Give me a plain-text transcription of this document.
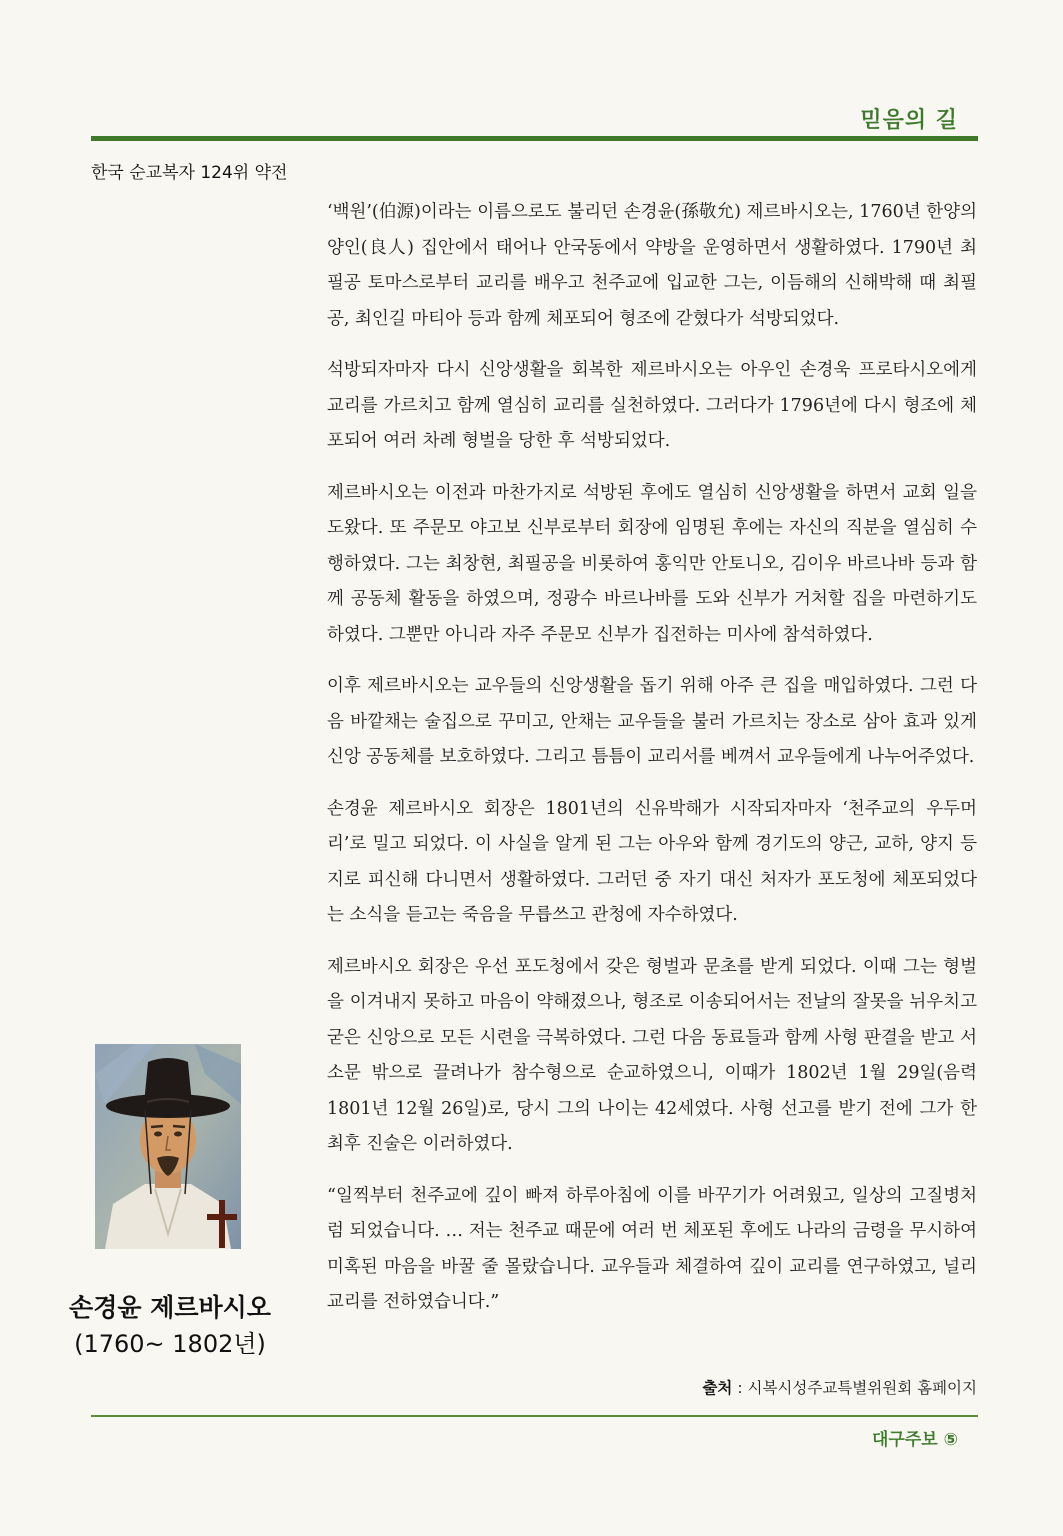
믿음의 길
한국 순교복자 124위 약전

‘백원’(伯源)이라는 이름으로도 불리던 손경윤(孫敬允) 제르바시오는, 1760년 한양의 양인(良人) 집안에서 태어나 안국동에서 약방을 운영하면서 생활하였다. 1790년 최필공 토마스로부터 교리를 배우고 천주교에 입교한 그는, 이듬해의 신해박해 때 최필공, 최인길 마티아 등과 함께 체포되어 형조에 갇혔다가 석방되었다.

석방되자마자 다시 신앙생활을 회복한 제르바시오는 아우인 손경욱 프로타시오에게 교리를 가르치고 함께 열심히 교리를 실천하였다. 그러다가 1796년에 다시 형조에 체포되어 여러 차례 형벌을 당한 후 석방되었다.

제르바시오는 이전과 마찬가지로 석방된 후에도 열심히 신앙생활을 하면서 교회 일을 도왔다. 또 주문모 야고보 신부로부터 회장에 임명된 후에는 자신의 직분을 열심히 수행하였다. 그는 최창현, 최필공을 비롯하여 홍익만 안토니오, 김이우 바르나바 등과 함께 공동체 활동을 하였으며, 정광수 바르나바를 도와 신부가 거처할 집을 마련하기도 하였다. 그뿐만 아니라 자주 주문모 신부가 집전하는 미사에 참석하였다.

이후 제르바시오는 교우들의 신앙생활을 돕기 위해 아주 큰 집을 매입하였다. 그런 다음 바깥채는 술집으로 꾸미고, 안채는 교우들을 불러 가르치는 장소로 삼아 효과 있게 신앙 공동체를 보호하였다. 그리고 틈틈이 교리서를 베껴서 교우들에게 나누어주었다.

손경윤 제르바시오 회장은 1801년의 신유박해가 시작되자마자 ‘천주교의 우두머리’로 밀고 되었다. 이 사실을 알게 된 그는 아우와 함께 경기도의 양근, 교하, 양지 등지로 피신해 다니면서 생활하였다. 그러던 중 자기 대신 처자가 포도청에 체포되었다는 소식을 듣고는 죽음을 무릅쓰고 관청에 자수하였다.

제르바시오 회장은 우선 포도청에서 갖은 형벌과 문초를 받게 되었다. 이때 그는 형벌을 이겨내지 못하고 마음이 약해졌으나, 형조로 이송되어서는 전날의 잘못을 뉘우치고 굳은 신앙으로 모든 시련을 극복하였다. 그런 다음 동료들과 함께 사형 판결을 받고 서소문 밖으로 끌려나가 참수형으로 순교하였으니, 이때가 1802년 1월 29일(음력 1801년 12월 26일)로, 당시 그의 나이는 42세였다. 사형 선고를 받기 전에 그가 한 최후 진술은 이러하였다.

“일찍부터 천주교에 깊이 빠져 하루아침에 이를 바꾸기가 어려웠고, 일상의 고질병처럼 되었습니다. … 저는 천주교 때문에 여러 번 체포된 후에도 나라의 금령을 무시하여 미혹된 마음을 바꿀 줄 몰랐습니다. 교우들과 체결하여 깊이 교리를 연구하였고, 널리 교리를 전하였습니다.”

출처 : 시복시성주교특별위원회 홈페이지
손경윤 제르바시오
(1760~ 1802년)
대구주보 ⑤
